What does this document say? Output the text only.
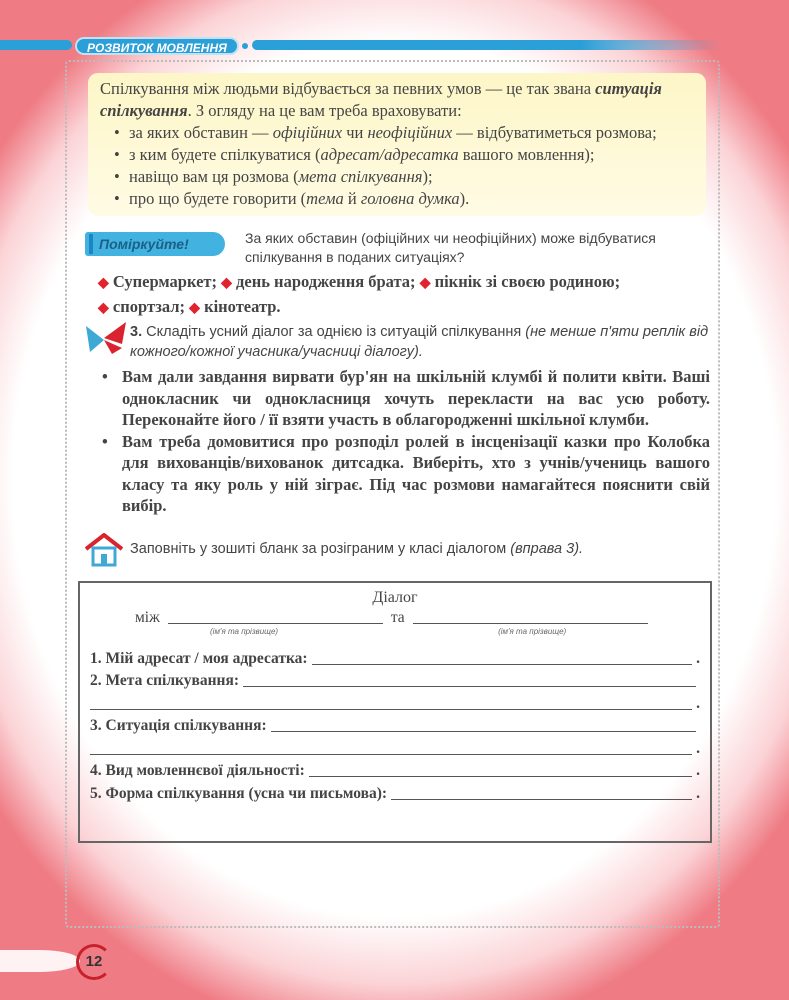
РОЗВИТОК МОВЛЕННЯ
Спілкування між людьми відбувається за певних умов — це так звана ситуація спілкування. З огляду на це вам треба враховувати:
• за яких обставин — офіційних чи неофіційних — відбуватиметься розмова;
• з ким будете спілкуватися (адресат/адресатка вашого мовлення);
• навіщо вам ця розмова (мета спілкування);
• про що будете говорити (тема й головна думка).
Поміркуйте!	За яких обставин (офіційних чи неофіційних) може відбуватися спілкування в поданих ситуаціях?
◆ Супермаркет; ◆ день народження брата; ◆ пікнік зі своєю родиною;
◆ спортзал; ◆ кінотеатр.
3. Складіть усний діалог за однією із ситуацій спілкування (не менше п'яти реплік від кожного/кожної учасника/учасниці діалогу).

• Вам дали завдання вирвати бур'ян на шкільній клумбі й полити квіти. Ваші однокласник чи однокласниця хочуть перекласти на вас усю роботу. Переконайте його / її взяти участь в облагородженні шкільної клумби.

• Вам треба домовитися про розподіл ролей в інсценізації казки про Колобка для вихованців/вихованок дитсадка. Виберіть, хто з учнів/учениць вашого класу та яку роль у ній зіграє. Під час розмови намагайтеся пояснити свій вибір.

Заповніть у зошиті бланк за розіграним у класі діалогом (вправа 3).
Діалог
між	та
(ім'я та прізвище)	(ім'я та прізвище)
1. Мій адресат / моя адресатка:	.
2. Мета спілкування:
.
3. Ситуація спілкування:
.
4. Вид мовленнєвої діяльності:	.
5. Форма спілкування (усна чи письмова):	.
12
